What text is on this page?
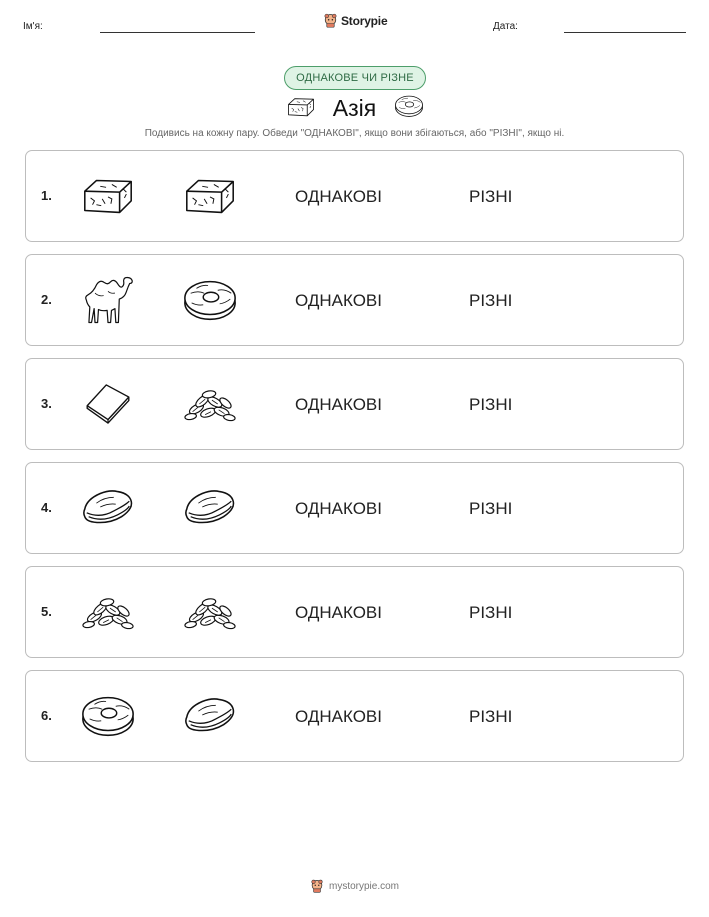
Ім'я:	Storypie	Дата:
ОДНАКОВЕ ЧИ РІЗНЕ
Азія
Подивись на кожну пару. Обведи "ОДНАКОВІ", якщо вони збігаються, або "РІЗНІ", якщо ні.
1.	ОДНАКОВІ	РІЗНІ
2.	ОДНАКОВІ	РІЗНІ
3.	ОДНАКОВІ	РІЗНІ
4.	ОДНАКОВІ	РІЗНІ
5.	ОДНАКОВІ	РІЗНІ
6.	ОДНАКОВІ	РІЗНІ
mystorypie.com
